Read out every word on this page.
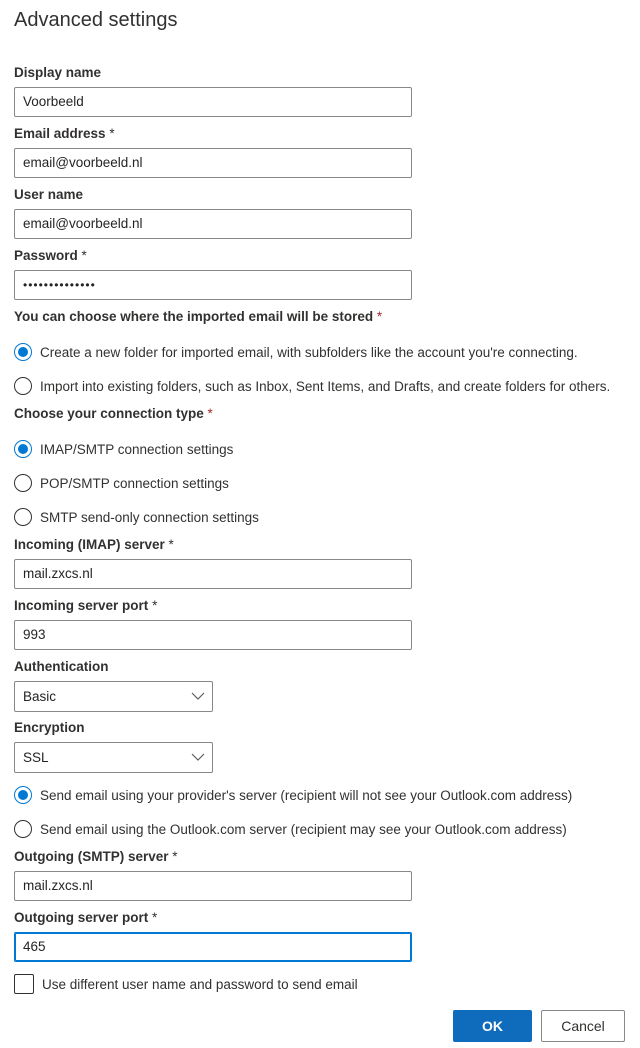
Advanced settings
Display name
Voorbeeld
Email address *
email@voorbeeld.nl
User name
email@voorbeeld.nl
Password *
••••••••••••••
You can choose where the imported email will be stored *
Create a new folder for imported email, with subfolders like the account you're connecting.
Import into existing folders, such as Inbox, Sent Items, and Drafts, and create folders for others.
Choose your connection type *
IMAP/SMTP connection settings
POP/SMTP connection settings
SMTP send-only connection settings
Incoming (IMAP) server *
mail.zxcs.nl
Incoming server port *
993
Authentication
Basic
Encryption
SSL
Send email using your provider's server (recipient will not see your Outlook.com address)
Send email using the Outlook.com server (recipient may see your Outlook.com address)
Outgoing (SMTP) server *
mail.zxcs.nl
Outgoing server port *
465
Use different user name and password to send email
OK	Cancel
